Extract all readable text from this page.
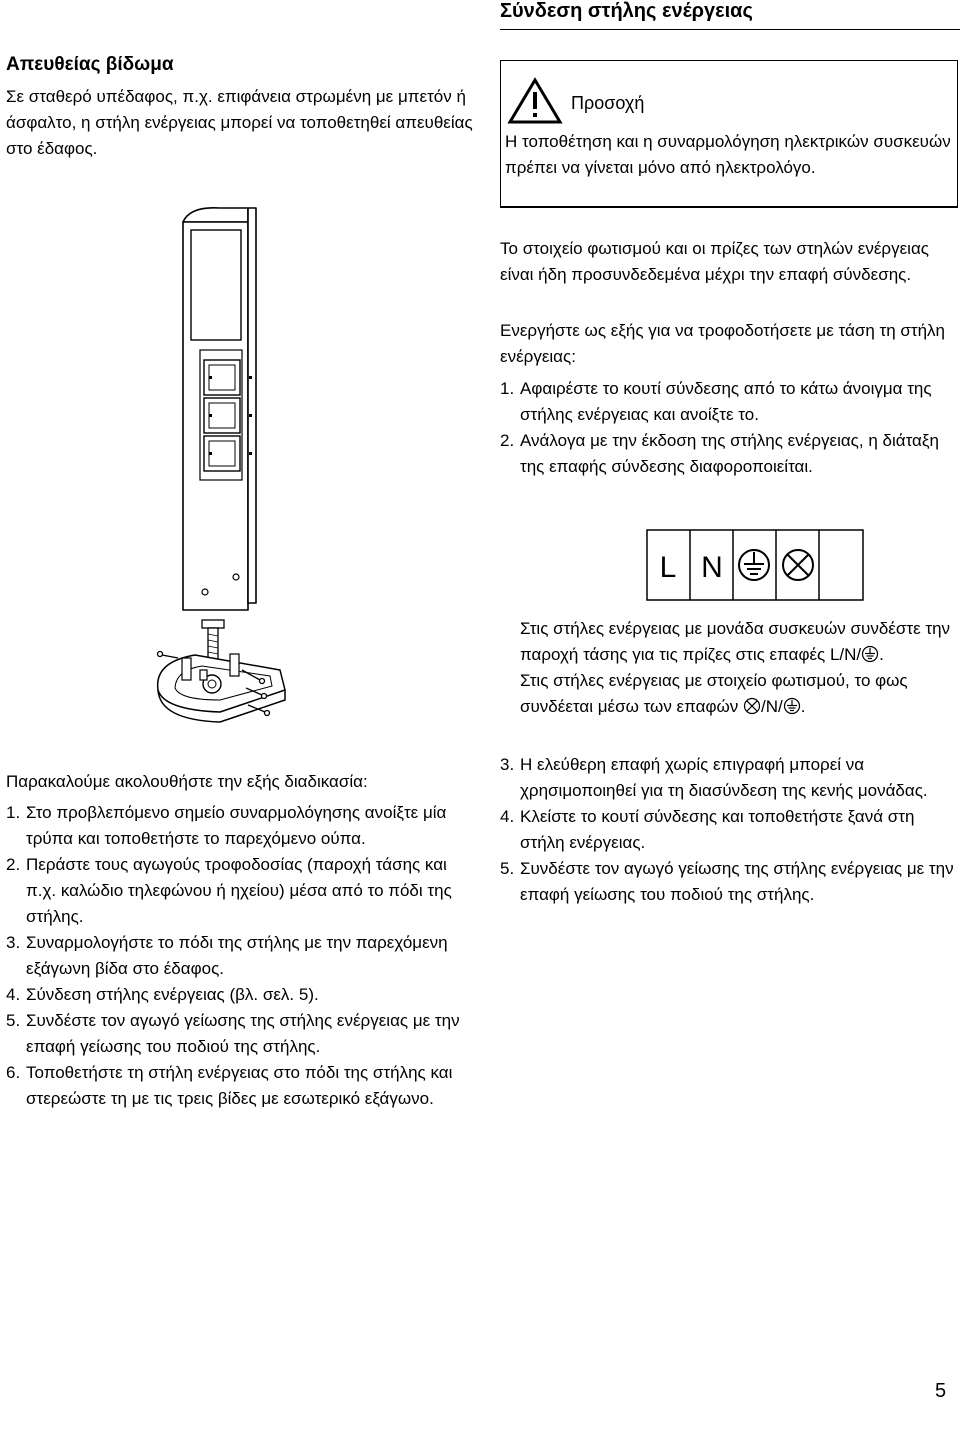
Σύνδεση στήλης ενέργειας
Απευθείας βίδωμα
Σε σταθερό υπέδαφος, π.χ. επιφάνεια στρωμένη με μπετόν ή άσφαλτο, η στήλη ενέργειας μπορεί να τοποθετηθεί απευθείας στο έδαφος.
Προσοχή
Η τοποθέτηση και η συναρμολόγηση ηλεκτρικών συσκευών πρέπει να γίνεται μόνο από ηλεκτρολόγο.
Το στοιχείο φωτισμού και οι πρίζες των στηλών ενέργειας είναι ήδη προσυνδεδεμένα μέχρι την επαφή σύνδεσης.
Ενεργήστε ως εξής για να τροφοδοτήσετε με τάση τη στήλη ενέργειας:
1. Αφαιρέστε το κουτί σύνδεσης από το κάτω άνοιγμα της στήλης ενέργειας και ανοίξτε το.
2. Ανάλογα με την έκδοση της στήλης ενέργειας, η διάταξη της επαφής σύνδεσης διαφοροποιείται.
L N
Στις στήλες ενέργειας με μονάδα συσκευών συνδέστε την παροχή τάσης για τις πρίζες στις επαφές L/N/ .
Στις στήλες ενέργειας με στοιχείο φωτισμού, το φως συνδέεται μέσω των επαφών /N/ .
3. Η ελεύθερη επαφή χωρίς επιγραφή μπορεί να χρησιμοποιηθεί για τη διασύνδεση της κενής μονάδας.
4. Κλείστε το κουτί σύνδεσης και τοποθετήστε ξανά στη στήλη ενέργειας.
5. Συνδέστε τον αγωγό γείωσης της στήλης ενέργειας με την επαφή γείωσης του ποδιού της στήλης.
Παρακαλούμε ακολουθήστε την εξής διαδικασία:
1. Στο προβλεπόμενο σημείο συναρμολόγησης ανοίξτε μία τρύπα και τοποθετήστε το παρεχόμενο ούπα.
2. Περάστε τους αγωγούς τροφοδοσίας (παροχή τάσης και π.χ. καλώδιο τηλεφώνου ή ηχείου) μέσα από το πόδι της στήλης.
3. Συναρμολογήστε το πόδι της στήλης με την παρεχόμενη εξάγωνη βίδα στο έδαφος.
4. Σύνδεση στήλης ενέργειας (βλ. σελ. 5).
5. Συνδέστε τον αγωγό γείωσης της στήλης ενέργειας με την επαφή γείωσης του ποδιού της στήλης.
6. Τοποθετήστε τη στήλη ενέργειας στο πόδι της στήλης και στερεώστε τη με τις τρεις βίδες με εσωτερικό εξάγωνο.
5
